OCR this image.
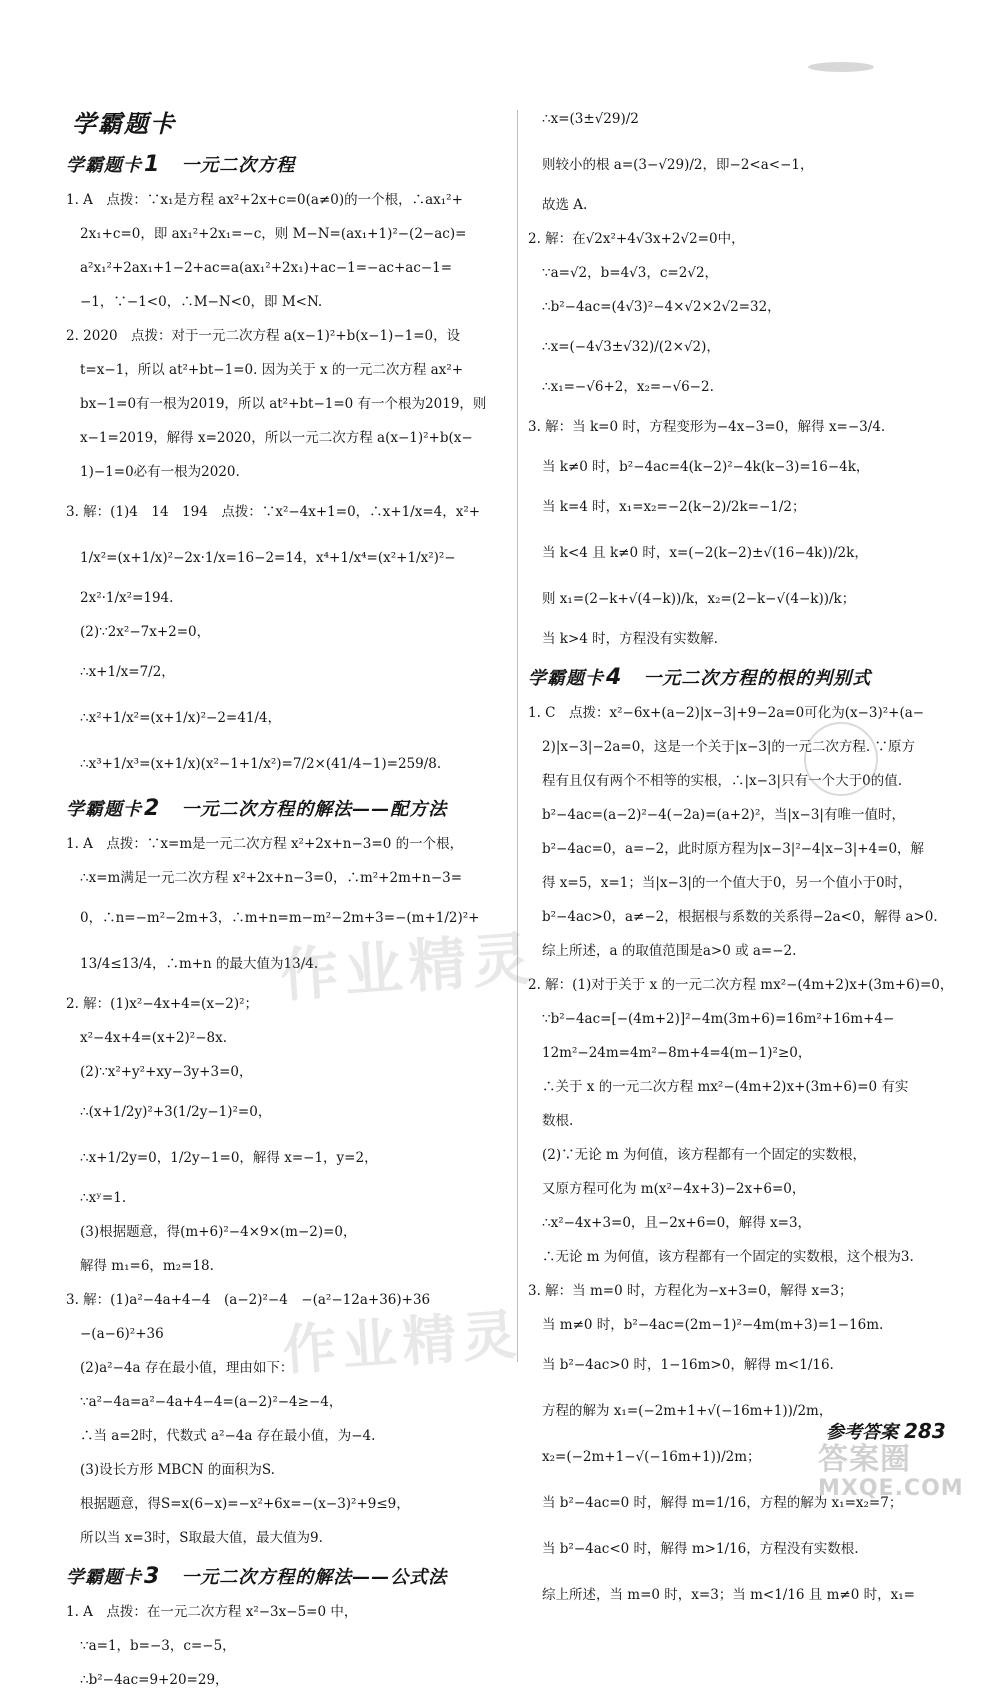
学霸题卡
学霸题卡1　 一元二次方程
1. A　点拨：∵x₁是方程 ax²+2x+c=0(a≠0)的一个根，∴ax₁²+
2x₁+c=0，即 ax₁²+2x₁=−c，则 M−N=(ax₁+1)²−(2−ac)=
a²x₁²+2ax₁+1−2+ac=a(ax₁²+2x₁)+ac−1=−ac+ac−1=
−1，∵−1<0，∴M−N<0，即 M<N.
2. 2020　点拨：对于一元二次方程 a(x−1)²+b(x−1)−1=0，设
t=x−1，所以 at²+bt−1=0. 因为关于 x 的一元二次方程 ax²+
bx−1=0有一根为2019，所以 at²+bt−1=0 有一个根为2019，则
x−1=2019，解得 x=2020，所以一元二次方程 a(x−1)²+b(x−
1)−1=0必有一根为2020.
3. 解：(1)4　14　194　点拨：∵x²−4x+1=0，∴x+1/x=4，x²+
1/x²=(x+1/x)²−2x·1/x=16−2=14，x⁴+1/x⁴=(x²+1/x²)²−
2x²·1/x²=194.
(2)∵2x²−7x+2=0，
∴x+1/x=7/2，
∴x²+1/x²=(x+1/x)²−2=41/4，
∴x³+1/x³=(x+1/x)(x²−1+1/x²)=7/2×(41/4−1)=259/8.
学霸题卡2　 一元二次方程的解法——配方法
1. A　点拨：∵x=m是一元二次方程 x²+2x+n−3=0 的一个根，
∴x=m满足一元二次方程 x²+2x+n−3=0，∴m²+2m+n−3=
0，∴n=−m²−2m+3，∴m+n=m−m²−2m+3=−(m+1/2)²+
13/4≤13/4，∴m+n 的最大值为13/4.
2. 解：(1)x²−4x+4=(x−2)²；
x²−4x+4=(x+2)²−8x.
(2)∵x²+y²+xy−3y+3=0，
∴(x+1/2y)²+3(1/2y−1)²=0，
∴x+1/2y=0，1/2y−1=0，解得 x=−1，y=2，
∴xʸ=1.
(3)根据题意，得(m+6)²−4×9×(m−2)=0，
解得 m₁=6，m₂=18.
3. 解：(1)a²−4a+4−4　(a−2)²−4　−(a²−12a+36)+36
−(a−6)²+36
(2)a²−4a 存在最小值，理由如下：
∵a²−4a=a²−4a+4−4=(a−2)²−4≥−4，
∴当 a=2时，代数式 a²−4a 存在最小值，为−4.
(3)设长方形 MBCN 的面积为S.
根据题意，得S=x(6−x)=−x²+6x=−(x−3)²+9≤9，
所以当 x=3时，S取最大值，最大值为9.
学霸题卡3　 一元二次方程的解法——公式法
1. A　点拨：在一元二次方程 x²−3x−5=0 中，
∵a=1，b=−3，c=−5，
∴b²−4ac=9+20=29，
∴x=(3±√29)/2
则较小的根 a=(3−√29)/2，即−2<a<−1，
故选 A.
2. 解：在√2x²+4√3x+2√2=0中，
∵a=√2，b=4√3，c=2√2，
∴b²−4ac=(4√3)²−4×√2×2√2=32，
∴x=(−4√3±√32)/(2×√2)，
∴x₁=−√6+2，x₂=−√6−2.
3. 解：当 k=0 时，方程变形为−4x−3=0，解得 x=−3/4.
当 k≠0 时，b²−4ac=4(k−2)²−4k(k−3)=16−4k，
当 k=4 时，x₁=x₂=−2(k−2)/2k=−1/2；
当 k<4 且 k≠0 时，x=(−2(k−2)±√(16−4k))/2k，
则 x₁=(2−k+√(4−k))/k，x₂=(2−k−√(4−k))/k；
当 k>4 时，方程没有实数解.
学霸题卡4　 一元二次方程的根的判别式
1. C　点拨：x²−6x+(a−2)|x−3|+9−2a=0可化为(x−3)²+(a−
2)|x−3|−2a=0，这是一个关于|x−3|的一元二次方程. ∵原方
程有且仅有两个不相等的实根，∴|x−3|只有一个大于0的值.
b²−4ac=(a−2)²−4(−2a)=(a+2)²，当|x−3|有唯一值时，
b²−4ac=0，a=−2，此时原方程为|x−3|²−4|x−3|+4=0，解
得 x=5，x=1；当|x−3|的一个值大于0，另一个值小于0时，
b²−4ac>0，a≠−2，根据根与系数的关系得−2a<0，解得 a>0.
综上所述，a 的取值范围是a>0 或 a=−2.
2. 解：(1)对于关于 x 的一元二次方程 mx²−(4m+2)x+(3m+6)=0，
∵b²−4ac=[−(4m+2)]²−4m(3m+6)=16m²+16m+4−
12m²−24m=4m²−8m+4=4(m−1)²≥0，
∴关于 x 的一元二次方程 mx²−(4m+2)x+(3m+6)=0 有实
数根.
(2)∵无论 m 为何值，该方程都有一个固定的实数根，
又原方程可化为 m(x²−4x+3)−2x+6=0，
∴x²−4x+3=0，且−2x+6=0，解得 x=3，
∴无论 m 为何值，该方程都有一个固定的实数根，这个根为3.
3. 解：当 m=0 时，方程化为−x+3=0，解得 x=3；
当 m≠0 时，b²−4ac=(2m−1)²−4m(m+3)=1−16m.
当 b²−4ac>0 时，1−16m>0，解得 m<1/16.
方程的解为 x₁=(−2m+1+√(−16m+1))/2m，
x₂=(−2m+1−√(−16m+1))/2m；
当 b²−4ac=0 时，解得 m=1/16，方程的解为 x₁=x₂=7；
当 b²−4ac<0 时，解得 m>1/16，方程没有实数根.
综上所述，当 m=0 时，x=3；当 m<1/16 且 m≠0 时，x₁=
参考答案 283
作业精灵
作业精灵
答案圈
MXQE.COM
